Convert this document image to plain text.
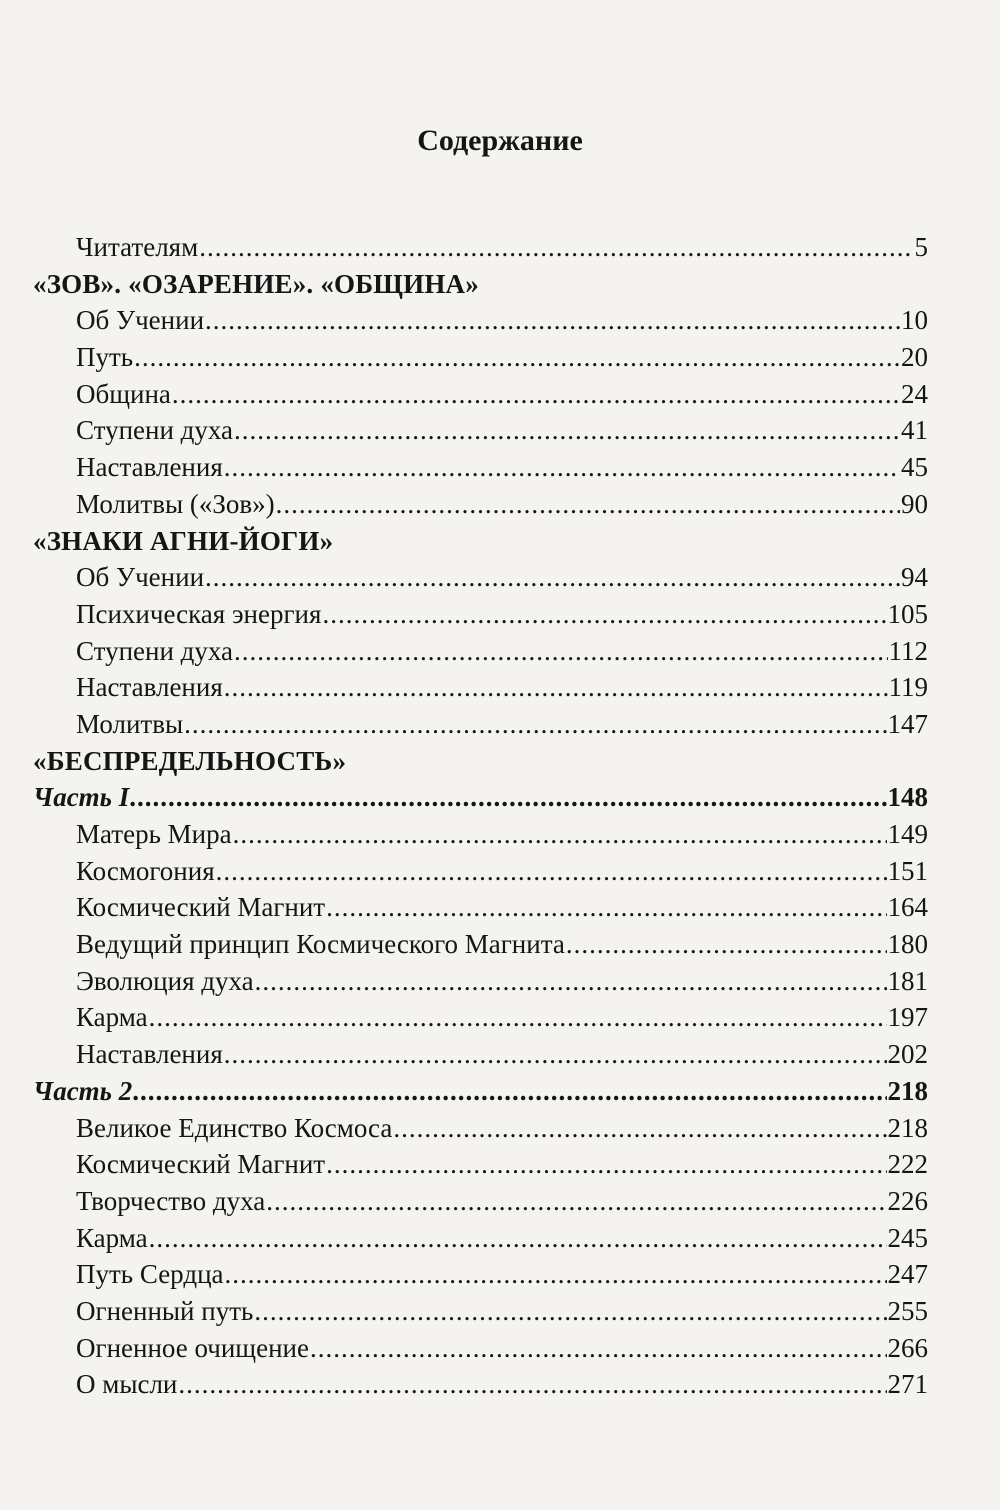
Содержание
Читателям .....	5
«ЗОВ». «ОЗАРЕНИЕ». «ОБЩИНА»
Об Учении .....	10
Путь .....	20
Община .....	24
Ступени духа .....	41
Наставления .....	45
Молитвы («Зов») .....	90
«ЗНАКИ АГНИ-ЙОГИ»
Об Учении .....	94
Психическая энергия .....	105
Ступени духа .....	112
Наставления .....	119
Молитвы .....	147
«БЕСПРЕДЕЛЬНОСТЬ»
Часть I .....	148
Матерь Мира .....	149
Космогония .....	151
Космический Магнит .....	164
Ведущий принцип Космического Магнита .....	180
Эволюция духа .....	181
Карма .....	197
Наставления .....	202
Часть 2 .....	218
Великое Единство Космоса .....	218
Космический Магнит .....	222
Творчество духа .....	226
Карма .....	245
Путь Сердца .....	247
Огненный путь .....	255
Огненное очищение .....	266
О мысли .....	271
